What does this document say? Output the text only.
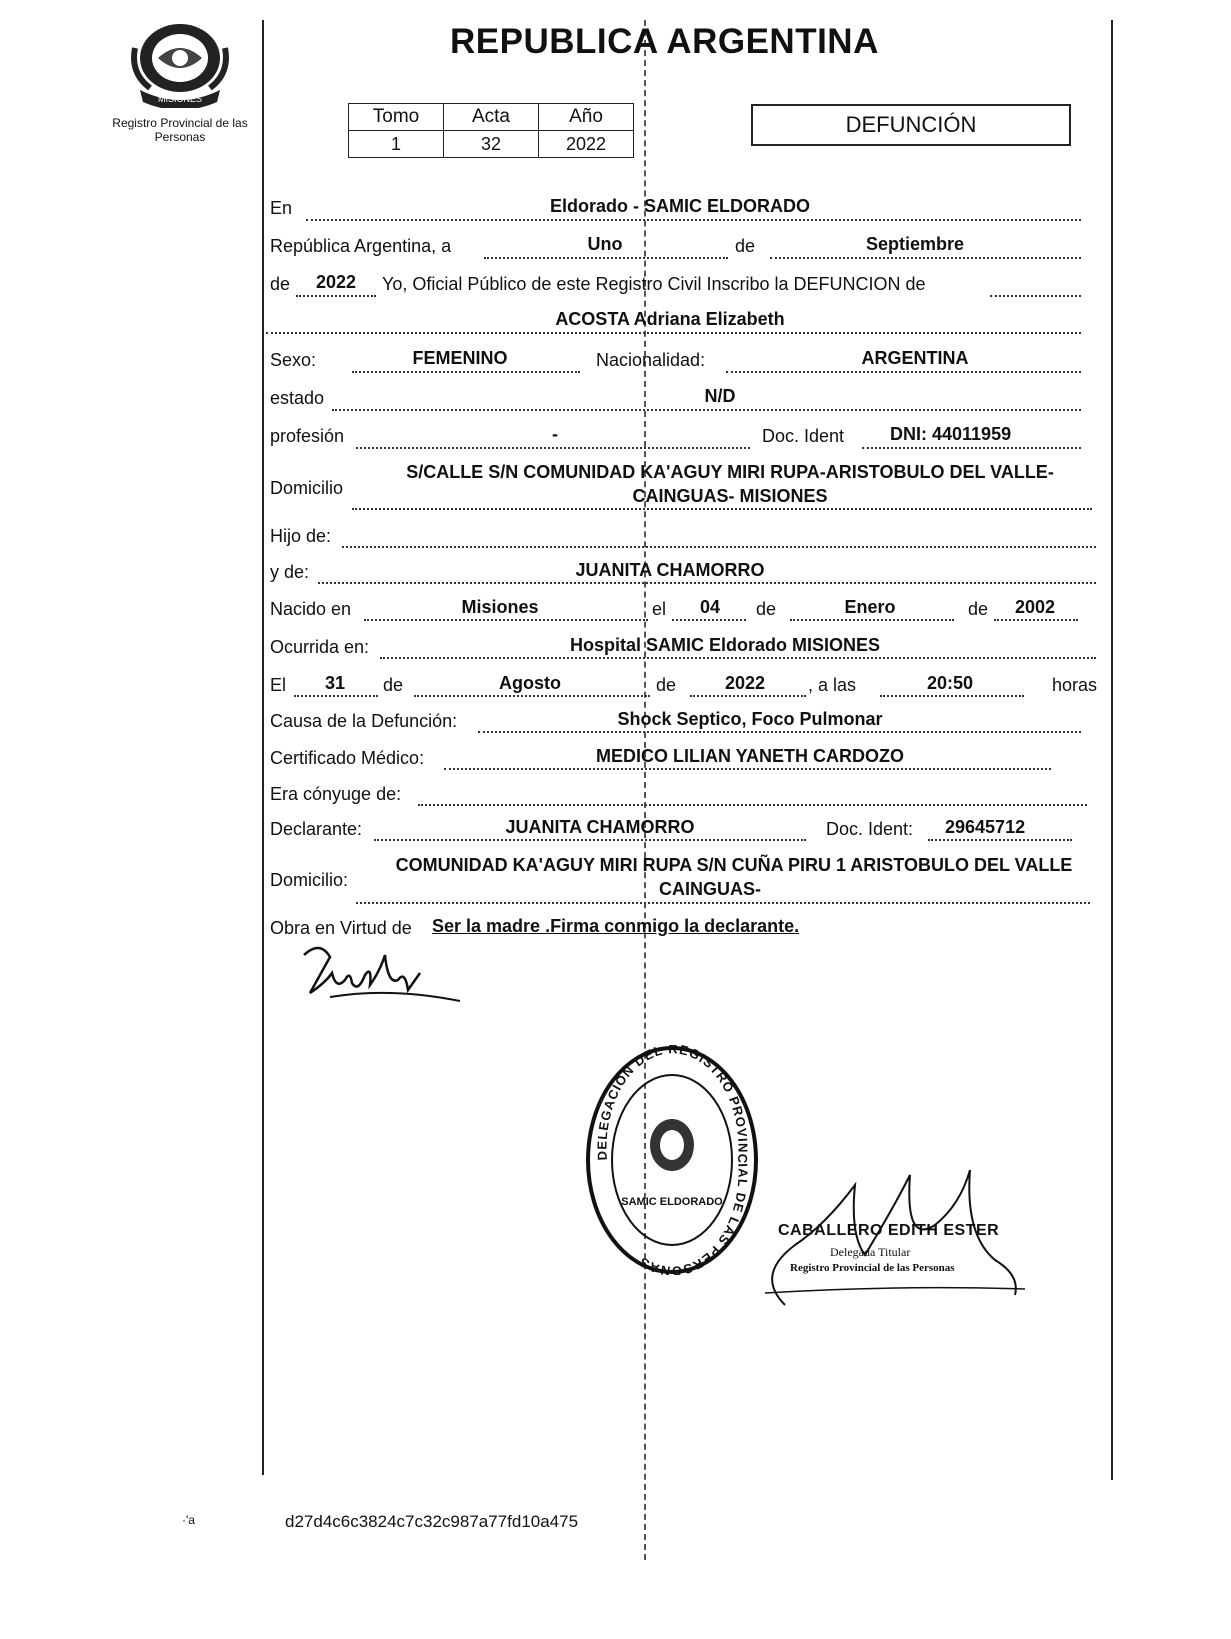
MISIONES
Registro Provincial de las Personas
REPUBLICA ARGENTINA
Tomo	Acta	Año
1	32	2022
DEFUNCIÓN
En	Eldorado - SAMIC ELDORADO
República Argentina, a	Uno	de	Septiembre
de	2022	Yo, Oficial Público de este Registro Civil Inscribo la DEFUNCION de
ACOSTA Adriana Elizabeth
Sexo:	FEMENINO	Nacionalidad:	ARGENTINA
estado	N/D
profesión	-	Doc. Ident	DNI: 44011959
Domicilio
S/CALLE S/N COMUNIDAD KA'AGUY MIRI RUPA-ARISTOBULO DEL VALLE-
CAINGUAS- MISIONES
Hijo de:
y de:	JUANITA CHAMORRO
Nacido en	Misiones	el	04	de	Enero	de	2002
Ocurrida en:	Hospital SAMIC Eldorado MISIONES
El	31	de	Agosto	de	2022	, a las	20:50	horas
Causa de la Defunción:	Shock Septico, Foco Pulmonar
Certificado Médico:	MEDICO LILIAN YANETH CARDOZO
Era cónyuge de:
Declarante:	JUANITA CHAMORRO	Doc. Ident: 29645712
Domicilio:
COMUNIDAD KA'AGUY MIRI RUPA S/N CUÑA PIRU 1 ARISTOBULO DEL VALLE
CAINGUAS-
Obra en Virtud de Ser la madre .Firma conmigo la declarante.
DELEGACION DEL REGISTRO PROVINCIAL DE LAS PERSONAS
SAMIC ELDORADO
CABALLERO EDITH ESTER
Delegada Titular
Registro Provincial de las Personas
·'a	d27d4c6c3824c7c32c987a77fd10a475
